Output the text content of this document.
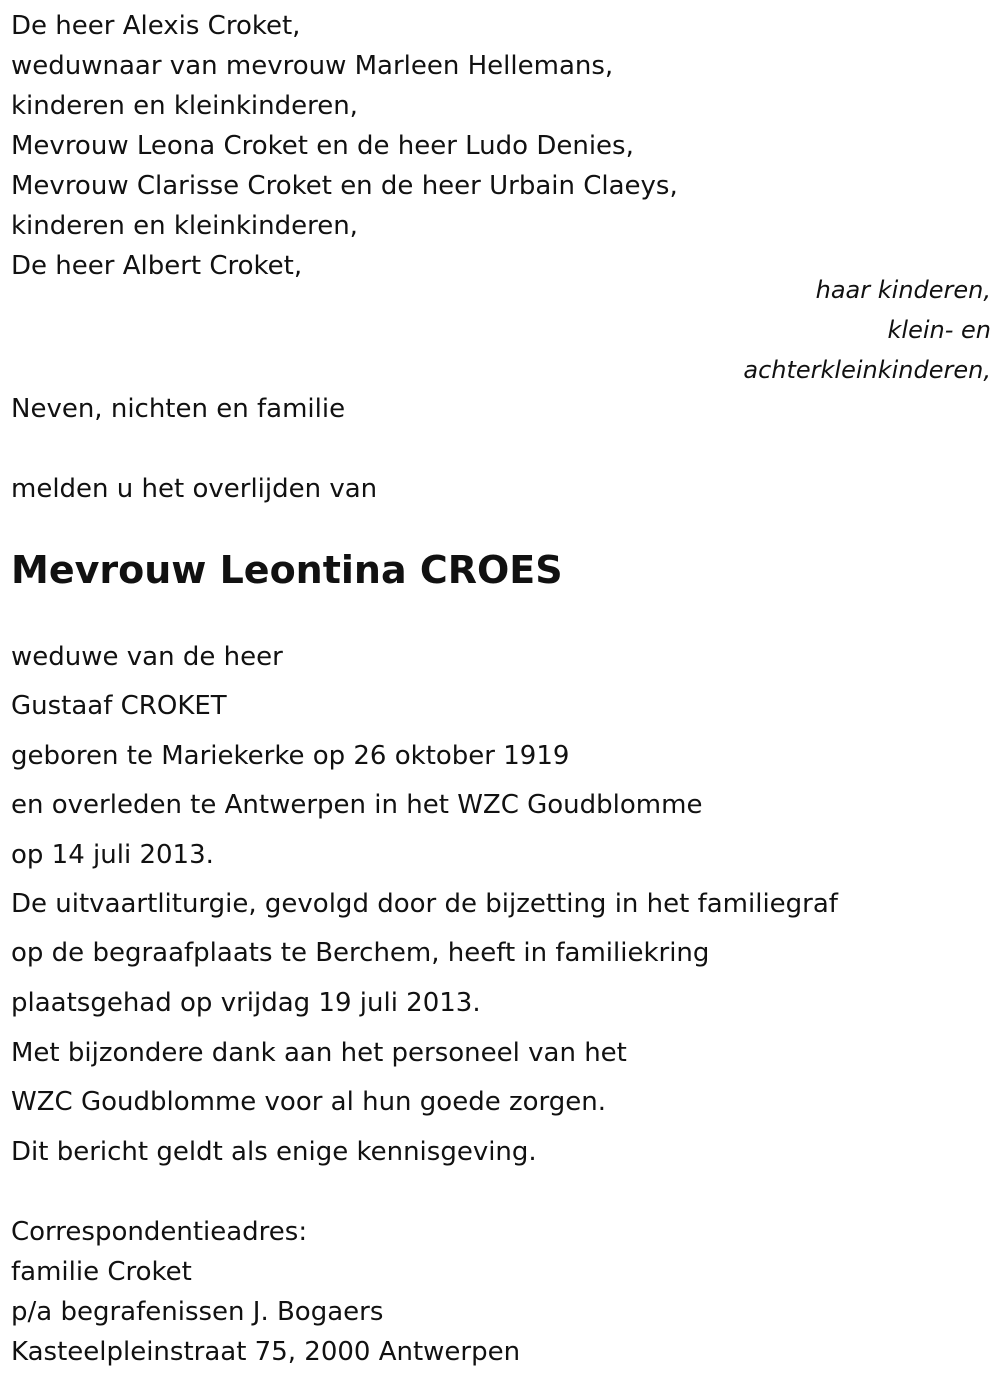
De heer Alexis Croket,
weduwnaar van mevrouw Marleen Hellemans,
kinderen en kleinkinderen,
Mevrouw Leona Croket en de heer Ludo Denies,
Mevrouw Clarisse Croket en de heer Urbain Claeys,
kinderen en kleinkinderen,
De heer Albert Croket,
haar kinderen,
klein- en
achterkleinkinderen,
Neven, nichten en familie
melden u het overlijden van
Mevrouw Leontina CROES
weduwe van de heer
Gustaaf CROKET
geboren te Mariekerke op 26 oktober 1919
en overleden te Antwerpen in het WZC Goudblomme
op 14 juli 2013.
De uitvaartliturgie, gevolgd door de bijzetting in het familiegraf
op de begraafplaats te Berchem, heeft in familiekring
plaatsgehad op vrijdag 19 juli 2013.
Met bijzondere dank aan het personeel van het
WZC Goudblomme voor al hun goede zorgen.
Dit bericht geldt als enige kennisgeving.
Correspondentieadres:
familie Croket
p/a begrafenissen J. Bogaers
Kasteelpleinstraat 75, 2000 Antwerpen
